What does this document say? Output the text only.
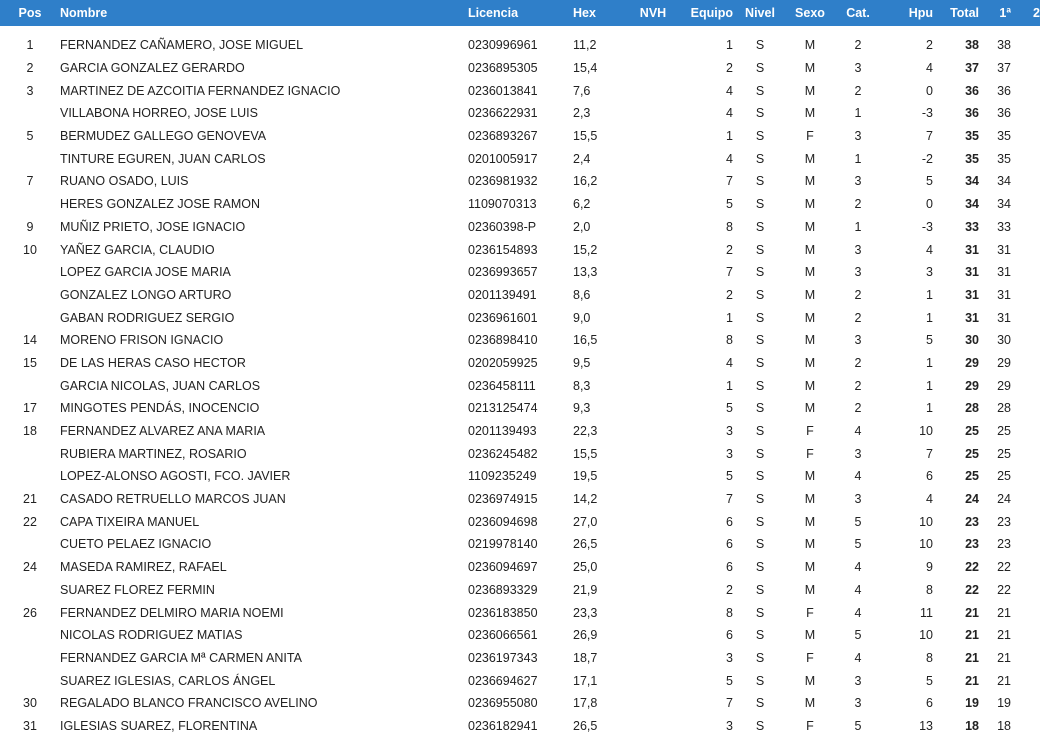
Pos	Nombre	Licencia	Hex	NVH	Equipo	Nivel	Sexo	Cat.	Hpu	Total	1ª	2

1	FERNANDEZ CAÑAMERO, JOSE MIGUEL	0230996961	11,2		1	S	M	2	2	38	38	
2	GARCIA GONZALEZ GERARDO	0236895305	15,4		2	S	M	3	4	37	37	
3	MARTINEZ DE AZCOITIA FERNANDEZ IGNACIO	0236013841	7,6		4	S	M	2	0	36	36	
	VILLABONA HORREO, JOSE LUIS	0236622931	2,3		4	S	M	1	-3	36	36	
5	BERMUDEZ GALLEGO GENOVEVA	0236893267	15,5		1	S	F	3	7	35	35	
	TINTURE EGUREN, JUAN CARLOS	0201005917	2,4		4	S	M	1	-2	35	35	
7	RUANO OSADO, LUIS	0236981932	16,2		7	S	M	3	5	34	34	
	HERES GONZALEZ JOSE RAMON	1109070313	6,2		5	S	M	2	0	34	34	
9	MUÑIZ PRIETO, JOSE IGNACIO	02360398-P	2,0		8	S	M	1	-3	33	33	
10	YAÑEZ GARCIA, CLAUDIO	0236154893	15,2		2	S	M	3	4	31	31	
	LOPEZ GARCIA JOSE MARIA	0236993657	13,3		7	S	M	3	3	31	31	
	GONZALEZ LONGO ARTURO	0201139491	8,6		2	S	M	2	1	31	31	
	GABAN RODRIGUEZ SERGIO	0236961601	9,0		1	S	M	2	1	31	31	
14	MORENO FRISON IGNACIO	0236898410	16,5		8	S	M	3	5	30	30	
15	DE LAS HERAS CASO HECTOR	0202059925	9,5		4	S	M	2	1	29	29	
	GARCIA NICOLAS, JUAN CARLOS	0236458111	8,3		1	S	M	2	1	29	29	
17	MINGOTES PENDÁS, INOCENCIO	0213125474	9,3		5	S	M	2	1	28	28	
18	FERNANDEZ ALVAREZ ANA MARIA	0201139493	22,3		3	S	F	4	10	25	25	
	RUBIERA MARTINEZ, ROSARIO	0236245482	15,5		3	S	F	3	7	25	25	
	LOPEZ-ALONSO AGOSTI, FCO. JAVIER	1109235249	19,5		5	S	M	4	6	25	25	
21	CASADO RETRUELLO MARCOS JUAN	0236974915	14,2		7	S	M	3	4	24	24	
22	CAPA TIXEIRA MANUEL	0236094698	27,0		6	S	M	5	10	23	23	
	CUETO PELAEZ IGNACIO	0219978140	26,5		6	S	M	5	10	23	23	
24	MASEDA RAMIREZ, RAFAEL	0236094697	25,0		6	S	M	4	9	22	22	
	SUAREZ FLOREZ FERMIN	0236893329	21,9		2	S	M	4	8	22	22	
26	FERNANDEZ DELMIRO MARIA NOEMI	0236183850	23,3		8	S	F	4	11	21	21	
	NICOLAS RODRIGUEZ MATIAS	0236066561	26,9		6	S	M	5	10	21	21	
	FERNANDEZ GARCIA Mª CARMEN ANITA	0236197343	18,7		3	S	F	4	8	21	21	
	SUAREZ IGLESIAS, CARLOS ÁNGEL	0236694627	17,1		5	S	M	3	5	21	21	
30	REGALADO BLANCO FRANCISCO AVELINO	0236955080	17,8		7	S	M	3	6	19	19	
31	IGLESIAS SUAREZ, FLORENTINA	0236182941	26,5		3	S	F	5	13	18	18	
